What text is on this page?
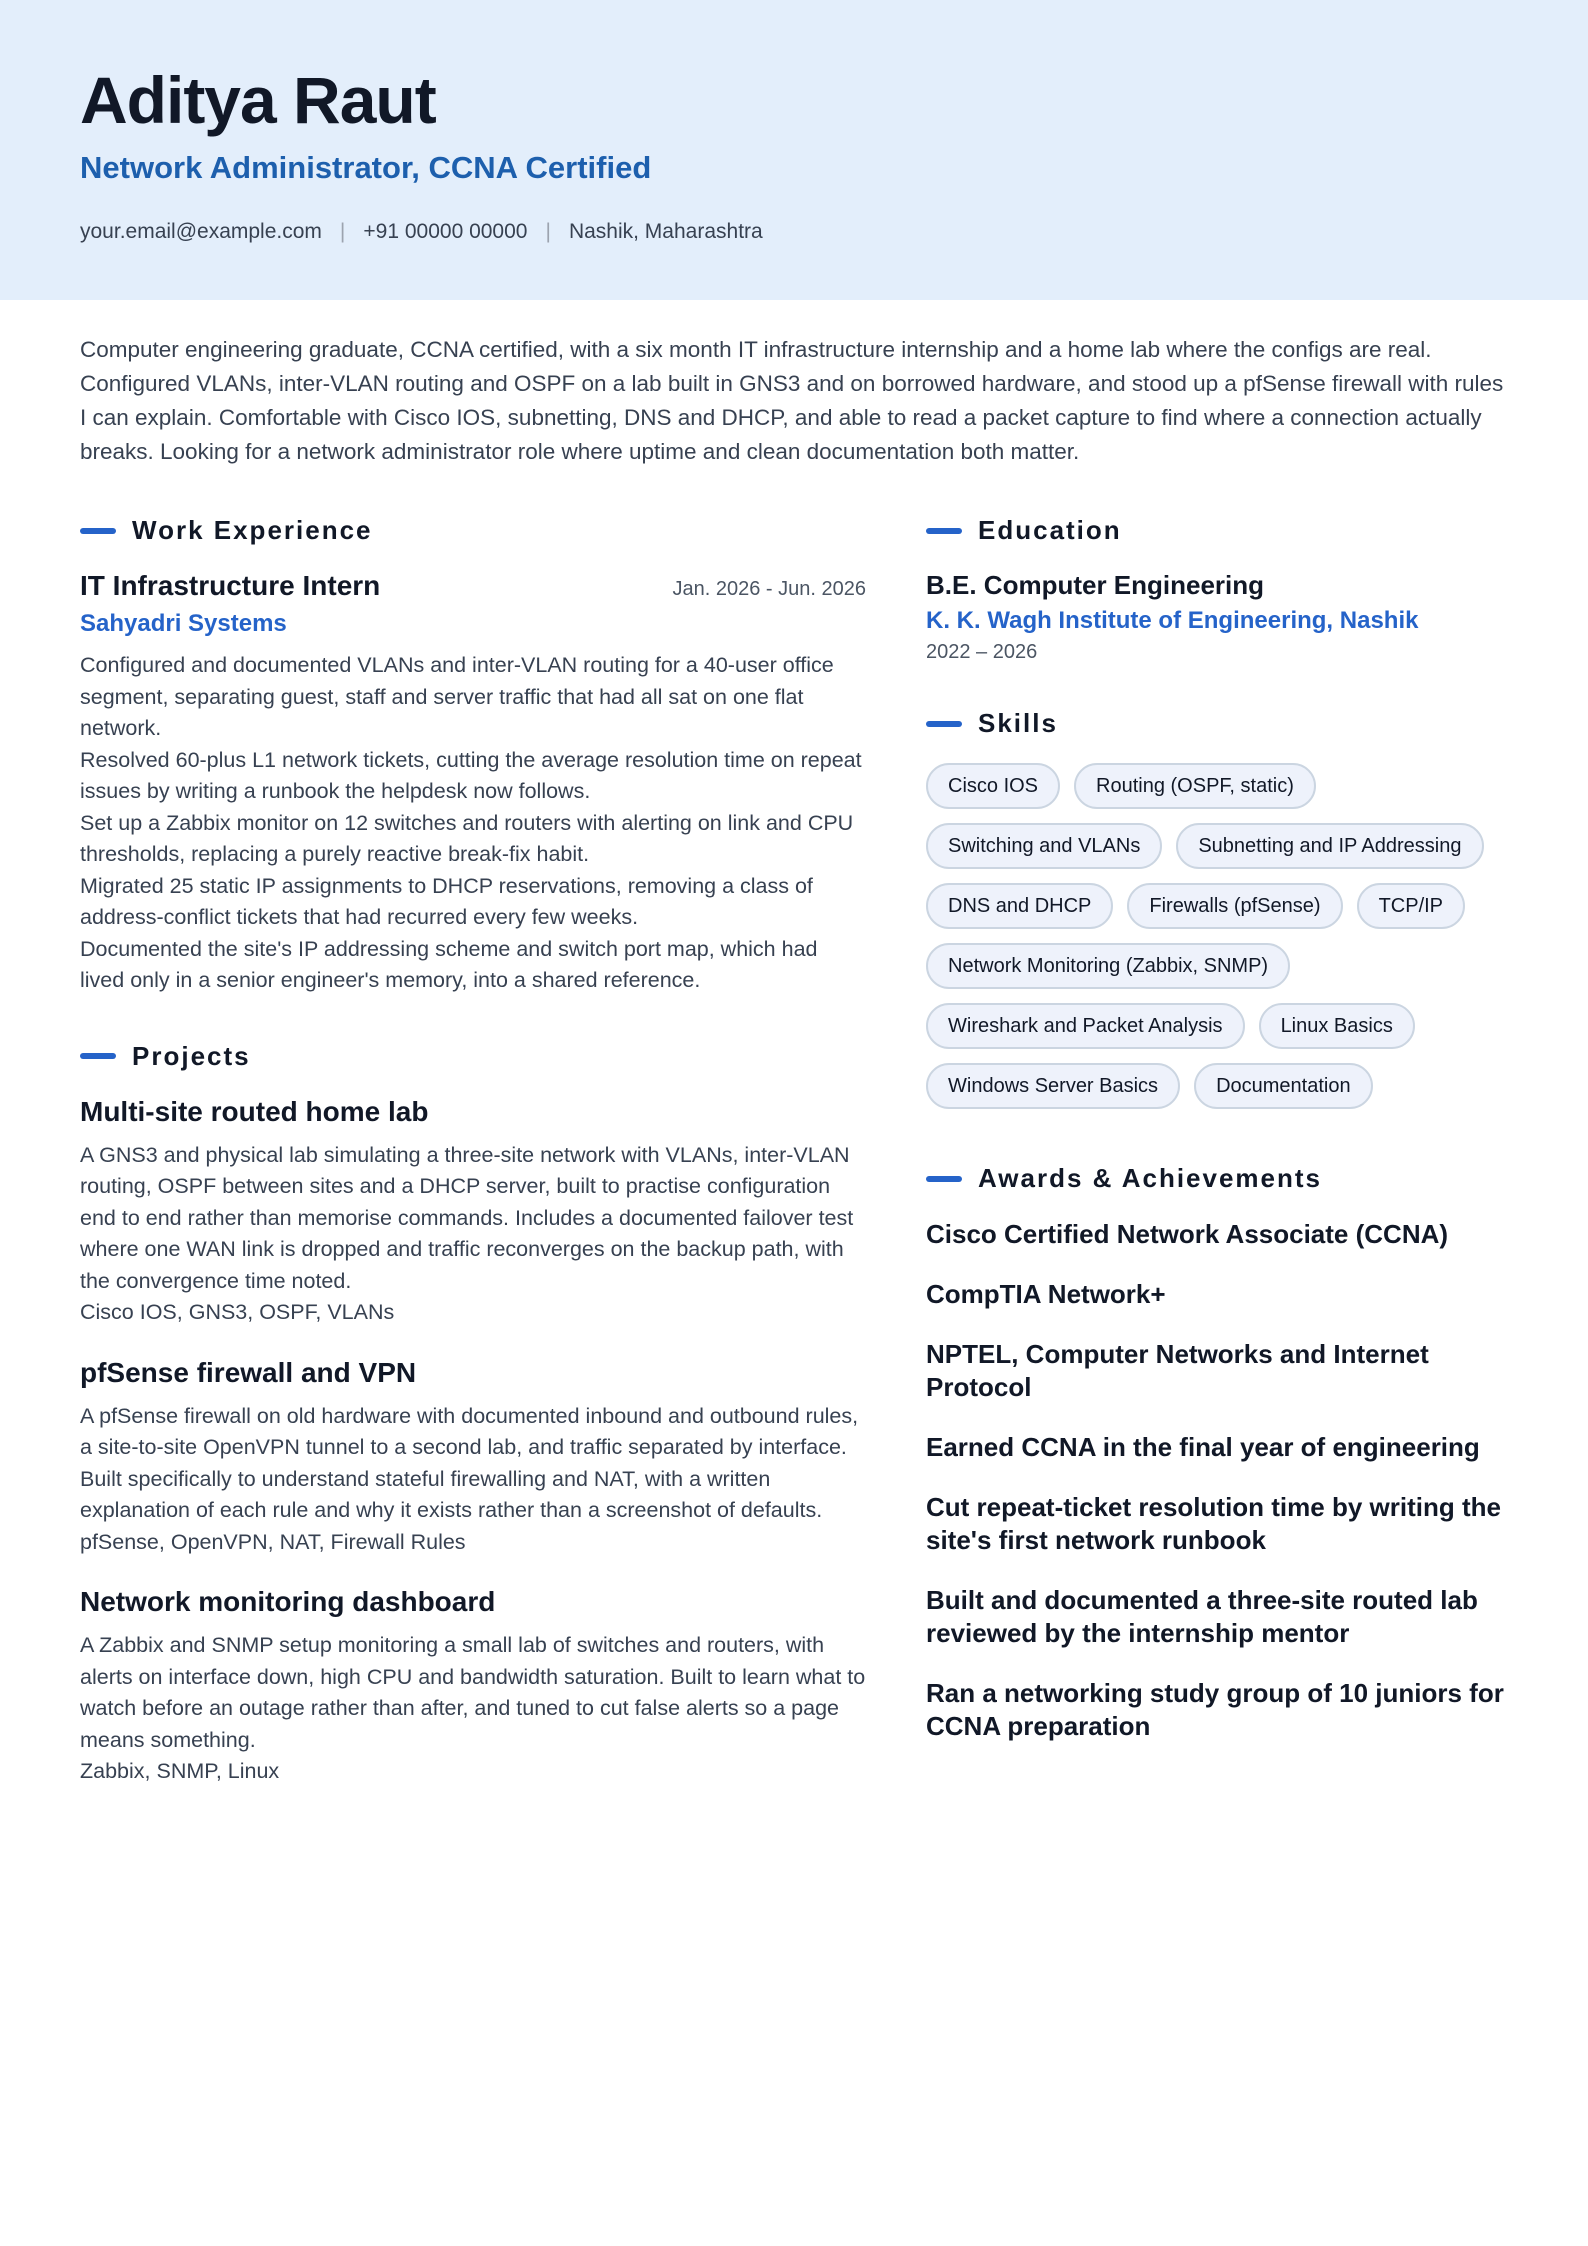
Aditya Raut
Network Administrator, CCNA Certified
your.email@example.com | +91 00000 00000 | Nashik, Maharashtra
Computer engineering graduate, CCNA certified, with a six month IT infrastructure internship and a home lab where the configs are real. Configured VLANs, inter-VLAN routing and OSPF on a lab built in GNS3 and on borrowed hardware, and stood up a pfSense firewall with rules I can explain. Comfortable with Cisco IOS, subnetting, DNS and DHCP, and able to read a packet capture to find where a connection actually breaks. Looking for a network administrator role where uptime and clean documentation both matter.
Work Experience
IT Infrastructure Intern	Jan. 2026 - Jun. 2026
Sahyadri Systems
Configured and documented VLANs and inter-VLAN routing for a 40-user office segment, separating guest, staff and server traffic that had all sat on one flat network.
Resolved 60-plus L1 network tickets, cutting the average resolution time on repeat issues by writing a runbook the helpdesk now follows.
Set up a Zabbix monitor on 12 switches and routers with alerting on link and CPU thresholds, replacing a purely reactive break-fix habit.
Migrated 25 static IP assignments to DHCP reservations, removing a class of address-conflict tickets that had recurred every few weeks.
Documented the site's IP addressing scheme and switch port map, which had lived only in a senior engineer's memory, into a shared reference.
Projects
Multi-site routed home lab
A GNS3 and physical lab simulating a three-site network with VLANs, inter-VLAN routing, OSPF between sites and a DHCP server, built to practise configuration end to end rather than memorise commands. Includes a documented failover test where one WAN link is dropped and traffic reconverges on the backup path, with the convergence time noted.
Cisco IOS, GNS3, OSPF, VLANs
pfSense firewall and VPN
A pfSense firewall on old hardware with documented inbound and outbound rules, a site-to-site OpenVPN tunnel to a second lab, and traffic separated by interface. Built specifically to understand stateful firewalling and NAT, with a written explanation of each rule and why it exists rather than a screenshot of defaults.
pfSense, OpenVPN, NAT, Firewall Rules
Network monitoring dashboard
A Zabbix and SNMP setup monitoring a small lab of switches and routers, with alerts on interface down, high CPU and bandwidth saturation. Built to learn what to watch before an outage rather than after, and tuned to cut false alerts so a page means something.
Zabbix, SNMP, Linux
Education
B.E. Computer Engineering
K. K. Wagh Institute of Engineering, Nashik
2022 – 2026
Skills
Cisco IOS	Routing (OSPF, static)
Switching and VLANs	Subnetting and IP Addressing
DNS and DHCP	Firewalls (pfSense)	TCP/IP
Network Monitoring (Zabbix, SNMP)
Wireshark and Packet Analysis	Linux Basics
Windows Server Basics	Documentation
Awards & Achievements
Cisco Certified Network Associate (CCNA)
CompTIA Network+
NPTEL, Computer Networks and Internet Protocol
Earned CCNA in the final year of engineering
Cut repeat-ticket resolution time by writing the site's first network runbook
Built and documented a three-site routed lab reviewed by the internship mentor
Ran a networking study group of 10 juniors for CCNA preparation
